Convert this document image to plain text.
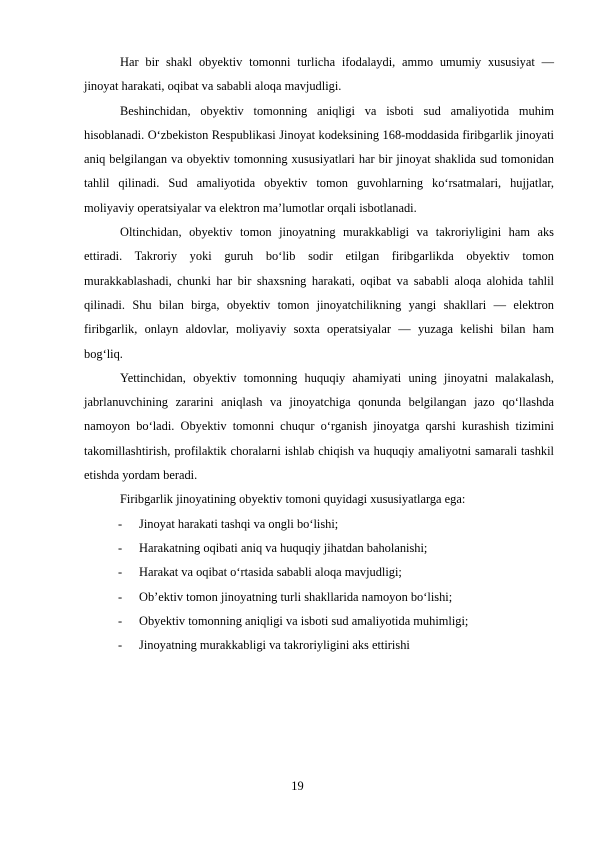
Har bir shakl obyektiv tomonni turlicha ifodalaydi, ammo umumiy xususiyat — jinoyat harakati, oqibat va sababli aloqa mavjudligi.

Beshinchidan, obyektiv tomonning aniqligi va isboti sud amaliyotida muhim hisoblanadi. O‘zbekiston Respublikasi Jinoyat kodeksining 168-moddasida firibgarlik jinoyati aniq belgilangan va obyektiv tomonning xususiyatlari har bir jinoyat shaklida sud tomonidan tahlil qilinadi. Sud amaliyotida obyektiv tomon guvohlarning ko‘rsatmalari, hujjatlar, moliyaviy operatsiyalar va elektron ma’lumotlar orqali isbotlanadi.

Oltinchidan, obyektiv tomon jinoyatning murakkabligi va takroriyligini ham aks ettiradi. Takroriy yoki guruh bo‘lib sodir etilgan firibgarlikda obyektiv tomon murakkablashadi, chunki har bir shaxsning harakati, oqibat va sababli aloqa alohida tahlil qilinadi. Shu bilan birga, obyektiv tomon jinoyatchilikning yangi shakllari — elektron firibgarlik, onlayn aldovlar, moliyaviy soxta operatsiyalar — yuzaga kelishi bilan ham bog‘liq.

Yettinchidan, obyektiv tomonning huquqiy ahamiyati uning jinoyatni malakalash, jabrlanuvchining zararini aniqlash va jinoyatchiga qonunda belgilangan jazo qo‘llashda namoyon bo‘ladi. Obyektiv tomonni chuqur o‘rganish jinoyatga qarshi kurashish tizimini takomillashtirish, profilaktik choralarni ishlab chiqish va huquqiy amaliyotni samarali tashkil etishda yordam beradi.

Firibgarlik jinoyatining obyektiv tomoni quyidagi xususiyatlarga ega:

- Jinoyat harakati tashqi va ongli bo‘lishi;

- Harakatning oqibati aniq va huquqiy jihatdan baholanishi;

- Harakat va oqibat o‘rtasida sababli aloqa mavjudligi;

- Ob’ektiv tomon jinoyatning turli shakllarida namoyon bo‘lishi;

- Obyektiv tomonning aniqligi va isboti sud amaliyotida muhimligi;

- Jinoyatning murakkabligi va takroriyligini aks ettirishi

19
